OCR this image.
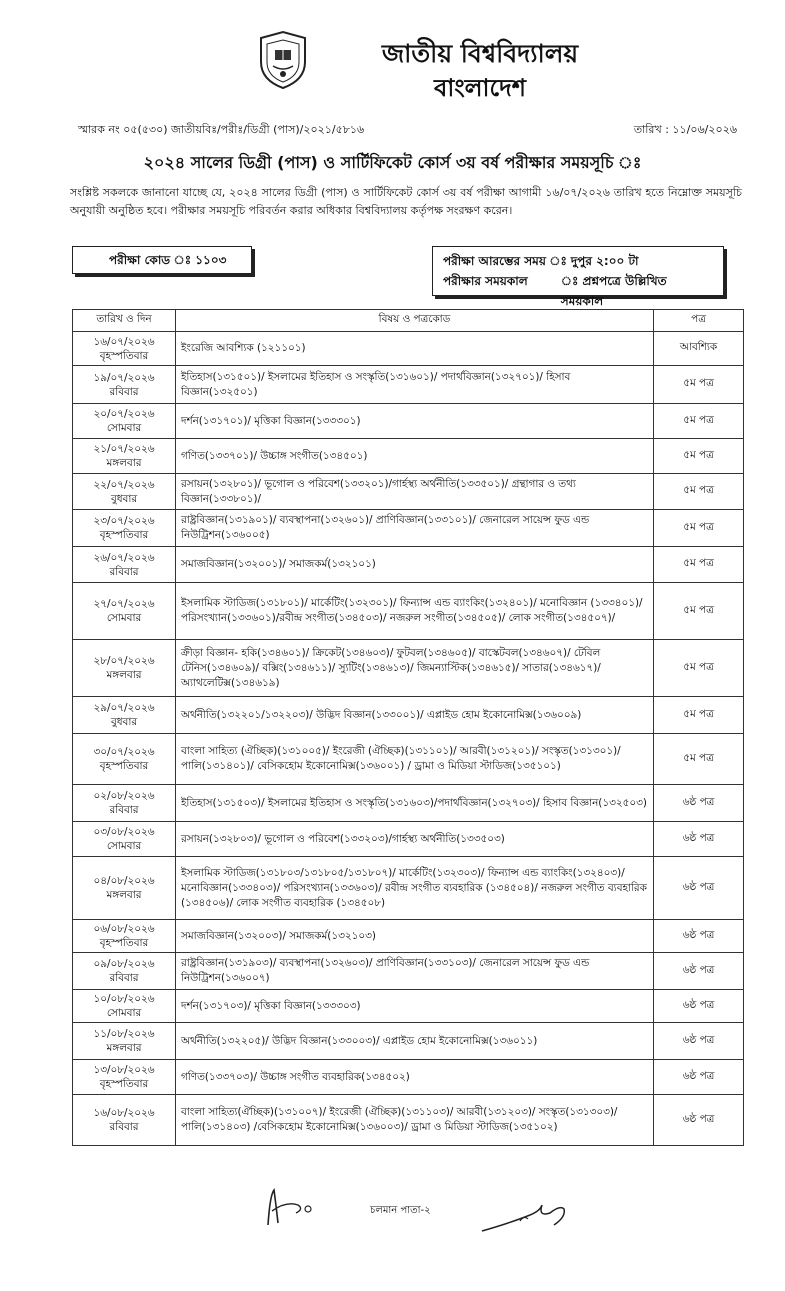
জাতীয় বিশ্ববিদ্যালয়
বাংলাদেশ
স্মারক নং ০৫(৫৩০) জাতীয়বিঃ/পরীঃ/ডিগ্রী (পাস)/২০২১/৫৮১৬	তারিখ : ১১/০৬/২০২৬
২০২৪ সালের ডিগ্রী (পাস) ও সার্টিফিকেট কোর্স ৩য় বর্ষ পরীক্ষার সময়সূচি ঃ
সংশ্লিষ্ট সকলকে জানানো যাচ্ছে যে, ২০২৪ সালের ডিগ্রী (পাস) ও সার্টিফিকেট কোর্স ৩য় বর্ষ পরীক্ষা আগামী ১৬/০৭/২০২৬ তারিখ হতে নিম্নোক্ত সময়সূচি অনুযায়ী অনুষ্ঠিত হবে। পরীক্ষার সময়সূচি পরিবর্তন করার অধিকার বিশ্ববিদ্যালয় কর্তৃপক্ষ সংরক্ষণ করেন।
পরীক্ষা কোড ঃ ১১০৩	পরীক্ষা আরম্ভের সময় ঃ দুপুর ২:০০ টা
পরীক্ষার সময়কাল	ঃ প্রশ্নপত্রে উল্লিখিত সময়কাল
তারিখ ও দিন	বিষয় ও পত্রকোড	পত্র

১৬/০৭/২০২৬
বৃহস্পতিবার	ইংরেজি আবশ্যিক (১২১১০১)	আবশ্যিক

১৯/০৭/২০২৬
রবিবার	ইতিহাস(১৩১৫০১)/ ইসলামের ইতিহাস ও সংস্কৃতি(১৩১৬০১)/ পদার্থবিজ্ঞান(১৩২৭০১)/ হিসাব বিজ্ঞান(১৩২৫০১)	৫ম পত্র

২০/০৭/২০২৬
সোমবার	দর্শন(১৩১৭০১)/ মৃত্তিকা বিজ্ঞান(১৩৩৩০১)	৫ম পত্র

২১/০৭/২০২৬
মঙ্গলবার	গণিত(১৩৩৭০১)/ উচ্চাঙ্গ সংগীত(১৩৪৫০১)	৫ম পত্র

২২/০৭/২০২৬
বুধবার	রসায়ন(১৩২৮০১)/ ভূগোল ও পরিবেশ(১৩৩২০১)/গার্হস্থ্য অর্থনীতি(১৩৩৫০১)/ গ্রন্থাগার ও তথ্য বিজ্ঞান(১৩৩৮০১)/	৫ম পত্র

২৩/০৭/২০২৬
বৃহস্পতিবার	রাষ্ট্রবিজ্ঞান(১৩১৯০১)/ ব্যবস্থাপনা(১৩২৬০১)/ প্রাণিবিজ্ঞান(১৩৩১০১)/ জেনারেল সায়েন্স ফুড এন্ড নিউট্রিশন(১৩৬০০৫)	৫ম পত্র

২৬/০৭/২০২৬
রবিবার	সমাজবিজ্ঞান(১৩২০০১)/ সমাজকর্ম(১৩২১০১)	৫ম পত্র

২৭/০৭/২০২৬
সোমবার	ইসলামিক স্টাডিজ(১৩১৮০১)/ মার্কেটিং(১৩২৩০১)/ ফিন্যান্স এন্ড ব্যাংকিং(১৩২৪০১)/ মনোবিজ্ঞান (১৩৩৪০১)/ পরিসংখ্যান(১৩৩৬০১)/রবীন্দ্র সংগীত(১৩৪৫০৩)/ নজরুল সংগীত(১৩৪৫০৫)/ লোক সংগীত(১৩৪৫০৭)/	৫ম পত্র

২৮/০৭/২০২৬
মঙ্গলবার	ক্রীড়া বিজ্ঞান- হকি(১৩৪৬০১)/ ক্রিকেট(১৩৪৬০৩)/ ফুটবল(১৩৪৬০৫)/ বাস্কেটবল(১৩৪৬০৭)/ টেবিল টেনিস(১৩৪৬০৯)/ বক্সিং(১৩৪৬১১)/ স্যুটিং(১৩৪৬১৩)/ জিমন্যাস্টিক(১৩৪৬১৫)/ সাতার(১৩৪৬১৭)/ অ্যাথলেটিক্স(১৩৪৬১৯)	৫ম পত্র

২৯/০৭/২০২৬
বুধবার	অর্থনীতি(১৩২২০১/১৩২২০৩)/ উদ্ভিদ বিজ্ঞান(১৩৩০০১)/ এপ্লাইড হোম ইকোনোমিক্স(১৩৬০০৯)	৫ম পত্র

৩০/০৭/২০২৬
বৃহস্পতিবার	বাংলা সাহিত্য (ঐচ্ছিক)(১৩১০০৫)/ ইংরেজী (ঐচ্ছিক)(১৩১১০১)/ আরবী(১৩১২০১)/ সংস্কৃত(১৩১৩০১)/ পালি(১৩১৪০১)/ বেসিকহোম ইকোনোমিক্স(১৩৬০০১) / ড্রামা ও মিডিয়া স্টাডিজ(১৩৫১০১)	৫ম পত্র

০২/০৮/২০২৬
রবিবার	ইতিহাস(১৩১৫০৩)/ ইসলামের ইতিহাস ও সংস্কৃতি(১৩১৬০৩)/পদার্থবিজ্ঞান(১৩২৭০৩)/ হিসাব বিজ্ঞান(১৩২৫০৩)	৬ষ্ঠ পত্র

০৩/০৮/২০২৬
সোমবার	রসায়ন(১৩২৮০৩)/ ভূগোল ও পরিবেশ(১৩৩২০৩)/গার্হস্থ্য অর্থনীতি(১৩৩৫০৩)	৬ষ্ঠ পত্র

০৪/০৮/২০২৬
মঙ্গলবার	ইসলামিক স্টাডিজ(১৩১৮০৩/১৩১৮০৫/১৩১৮০৭)/ মার্কেটিং(১৩২৩০৩)/ ফিন্যান্স এন্ড ব্যাংকিং(১৩২৪০৩)/ মনোবিজ্ঞান(১৩৩৪০৩)/ পরিসংখ্যান(১৩৩৬০৩)/ রবীন্দ্র সংগীত ব্যবহারিক (১৩৪৫০৪)/ নজরুল সংগীত ব্যবহারিক (১৩৪৫০৬)/ লোক সংগীত ব্যবহারিক (১৩৪৫০৮)	৬ষ্ঠ পত্র

০৬/০৮/২০২৬
বৃহস্পতিবার	সমাজবিজ্ঞান(১৩২০০৩)/ সমাজকর্ম(১৩২১০৩)	৬ষ্ঠ পত্র

০৯/০৮/২০২৬
রবিবার	রাষ্ট্রবিজ্ঞান(১৩১৯০৩)/ ব্যবস্থাপনা(১৩২৬০৩)/ প্রাণিবিজ্ঞান(১৩৩১০৩)/ জেনারেল সায়েন্স ফুড এন্ড নিউট্রিশন(১৩৬০০৭)	৬ষ্ঠ পত্র

১০/০৮/২০২৬
সোমবার	দর্শন(১৩১৭০৩)/ মৃত্তিকা বিজ্ঞান(১৩৩৩০৩)	৬ষ্ঠ পত্র

১১/০৮/২০২৬
মঙ্গলবার	অর্থনীতি(১৩২২০৫)/ উদ্ভিদ বিজ্ঞান(১৩৩০০৩)/ এপ্লাইড হোম ইকোনোমিক্স(১৩৬০১১)	৬ষ্ঠ পত্র

১৩/০৮/২০২৬
বৃহস্পতিবার	গণিত(১৩৩৭০৩)/ উচ্চাঙ্গ সংগীত ব্যবহারিক(১৩৪৫০২)	৬ষ্ঠ পত্র

১৬/০৮/২০২৬
রবিবার	বাংলা সাহিত্য(ঐচ্ছিক)(১৩১০০৭)/ ইংরেজী (ঐচ্ছিক)(১৩১১০৩)/ আরবী(১৩১২০৩)/ সংস্কৃত(১৩১৩০৩)/ পালি(১৩১৪০৩) /বেসিকহোম ইকোনোমিক্স(১৩৬০০৩)/ ড্রামা ও মিডিয়া স্টাডিজ(১৩৫১০২)	৬ষ্ঠ পত্র
চলমান পাতা-২
